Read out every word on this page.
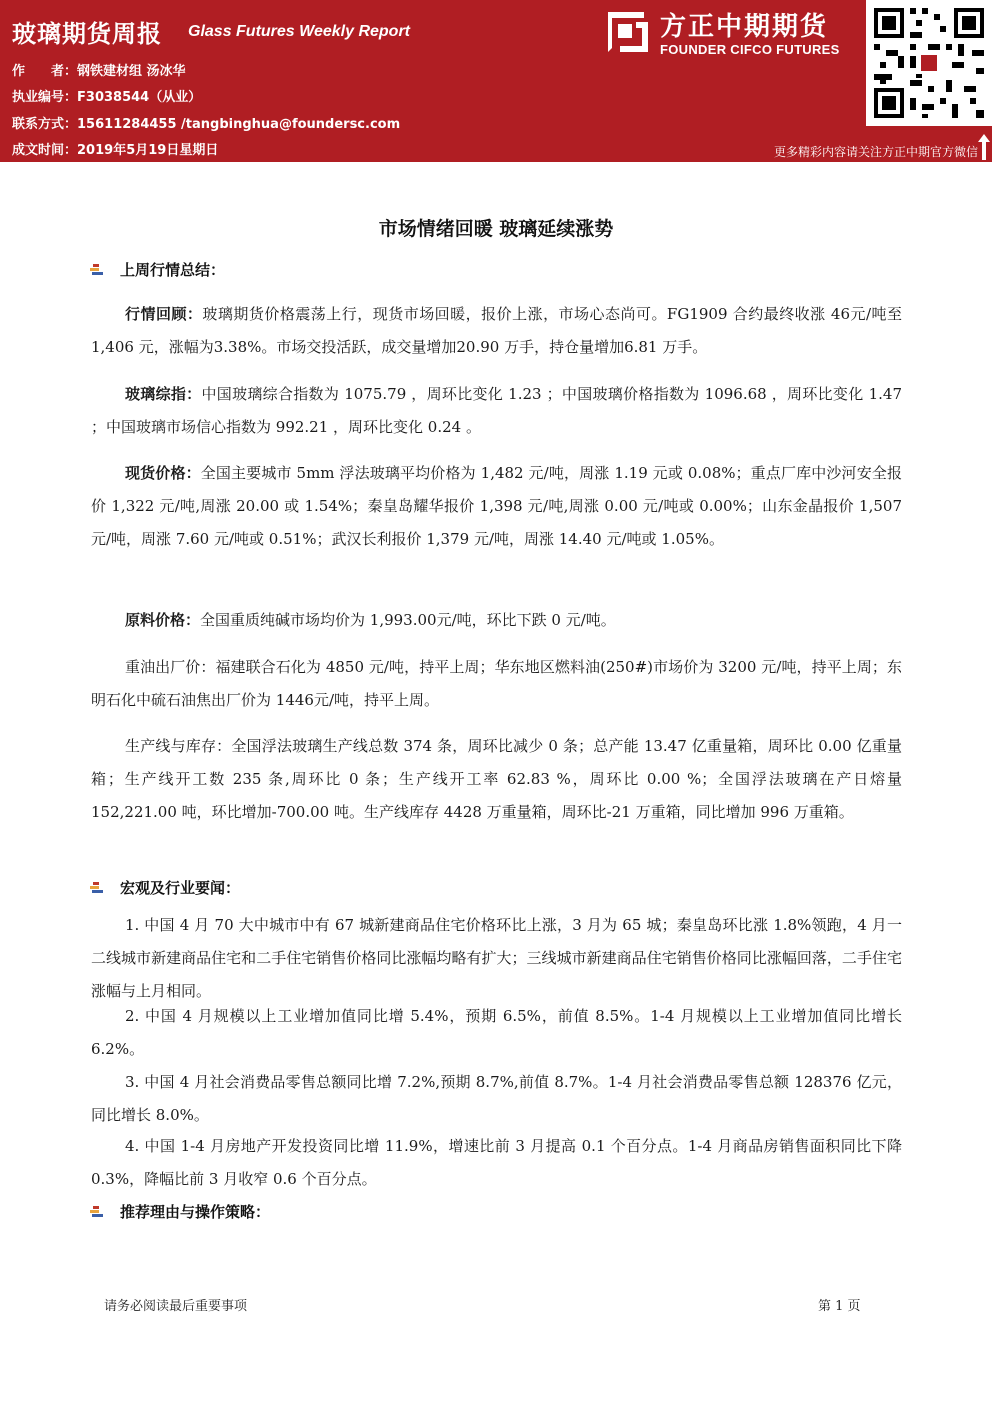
玻璃期货周报 Glass Futures Weekly Report
作　　者：钢铁建材组 汤冰华
执业编号：F3038544（从业）
联系方式：15611284455 /tangbinghua@foundersc.com
成文时间：2019年5月19日星期日
方正中期期货
FOUNDER CIFCO FUTURES
更多精彩内容请关注方正中期官方微信
市场情绪回暖 玻璃延续涨势
上周行情总结：
行情回顾：玻璃期货价格震荡上行，现货市场回暖，报价上涨，市场心态尚可。FG1909 合约最终收涨 46元/吨至1,406 元，涨幅为3.38%。市场交投活跃，成交量增加20.90 万手，持仓量增加6.81 万手。
玻璃综指：中国玻璃综合指数为 1075.79 ，周环比变化 1.23 ；中国玻璃价格指数为 1096.68 ，周环比变化 1.47 ；中国玻璃市场信心指数为 992.21 ，周环比变化 0.24 。
现货价格：全国主要城市 5mm 浮法玻璃平均价格为 1,482 元/吨，周涨 1.19 元或 0.08%；重点厂库中沙河安全报价 1,322 元/吨,周涨 20.00 或 1.54%；秦皇岛耀华报价 1,398 元/吨,周涨 0.00 元/吨或 0.00%；山东金晶报价 1,507 元/吨，周涨 7.60 元/吨或 0.51%；武汉长利报价 1,379 元/吨，周涨 14.40 元/吨或 1.05%。
原料价格：全国重质纯碱市场均价为 1,993.00元/吨，环比下跌 0 元/吨。
重油出厂价：福建联合石化为 4850 元/吨，持平上周；华东地区燃料油(250#)市场价为 3200 元/吨，持平上周；东明石化中硫石油焦出厂价为 1446元/吨，持平上周。
生产线与库存：全国浮法玻璃生产线总数 374 条，周环比减少 0 条；总产能 13.47 亿重量箱，周环比 0.00 亿重量箱；生产线开工数 235 条,周环比 0 条；生产线开工率 62.83 %，周环比 0.00 %；全国浮法玻璃在产日熔量 152,221.00 吨，环比增加-700.00 吨。生产线库存 4428 万重量箱，周环比-21 万重箱，同比增加 996 万重箱。
宏观及行业要闻：
1. 中国 4 月 70 大中城市中有 67 城新建商品住宅价格环比上涨，3 月为 65 城；秦皇岛环比涨 1.8%领跑，4 月一二线城市新建商品住宅和二手住宅销售价格同比涨幅均略有扩大；三线城市新建商品住宅销售价格同比涨幅回落，二手住宅涨幅与上月相同。
2. 中国 4 月规模以上工业增加值同比增 5.4%，预期 6.5%，前值 8.5%。1-4 月规模以上工业增加值同比增长 6.2%。
3. 中国 4 月社会消费品零售总额同比增 7.2%,预期 8.7%,前值 8.7%。1-4 月社会消费品零售总额 128376 亿元，同比增长 8.0%。
4. 中国 1-4 月房地产开发投资同比增 11.9%，增速比前 3 月提高 0.1 个百分点。1-4 月商品房销售面积同比下降 0.3%，降幅比前 3 月收窄 0.6 个百分点。
推荐理由与操作策略：
请务必阅读最后重要事项	第 1 页
